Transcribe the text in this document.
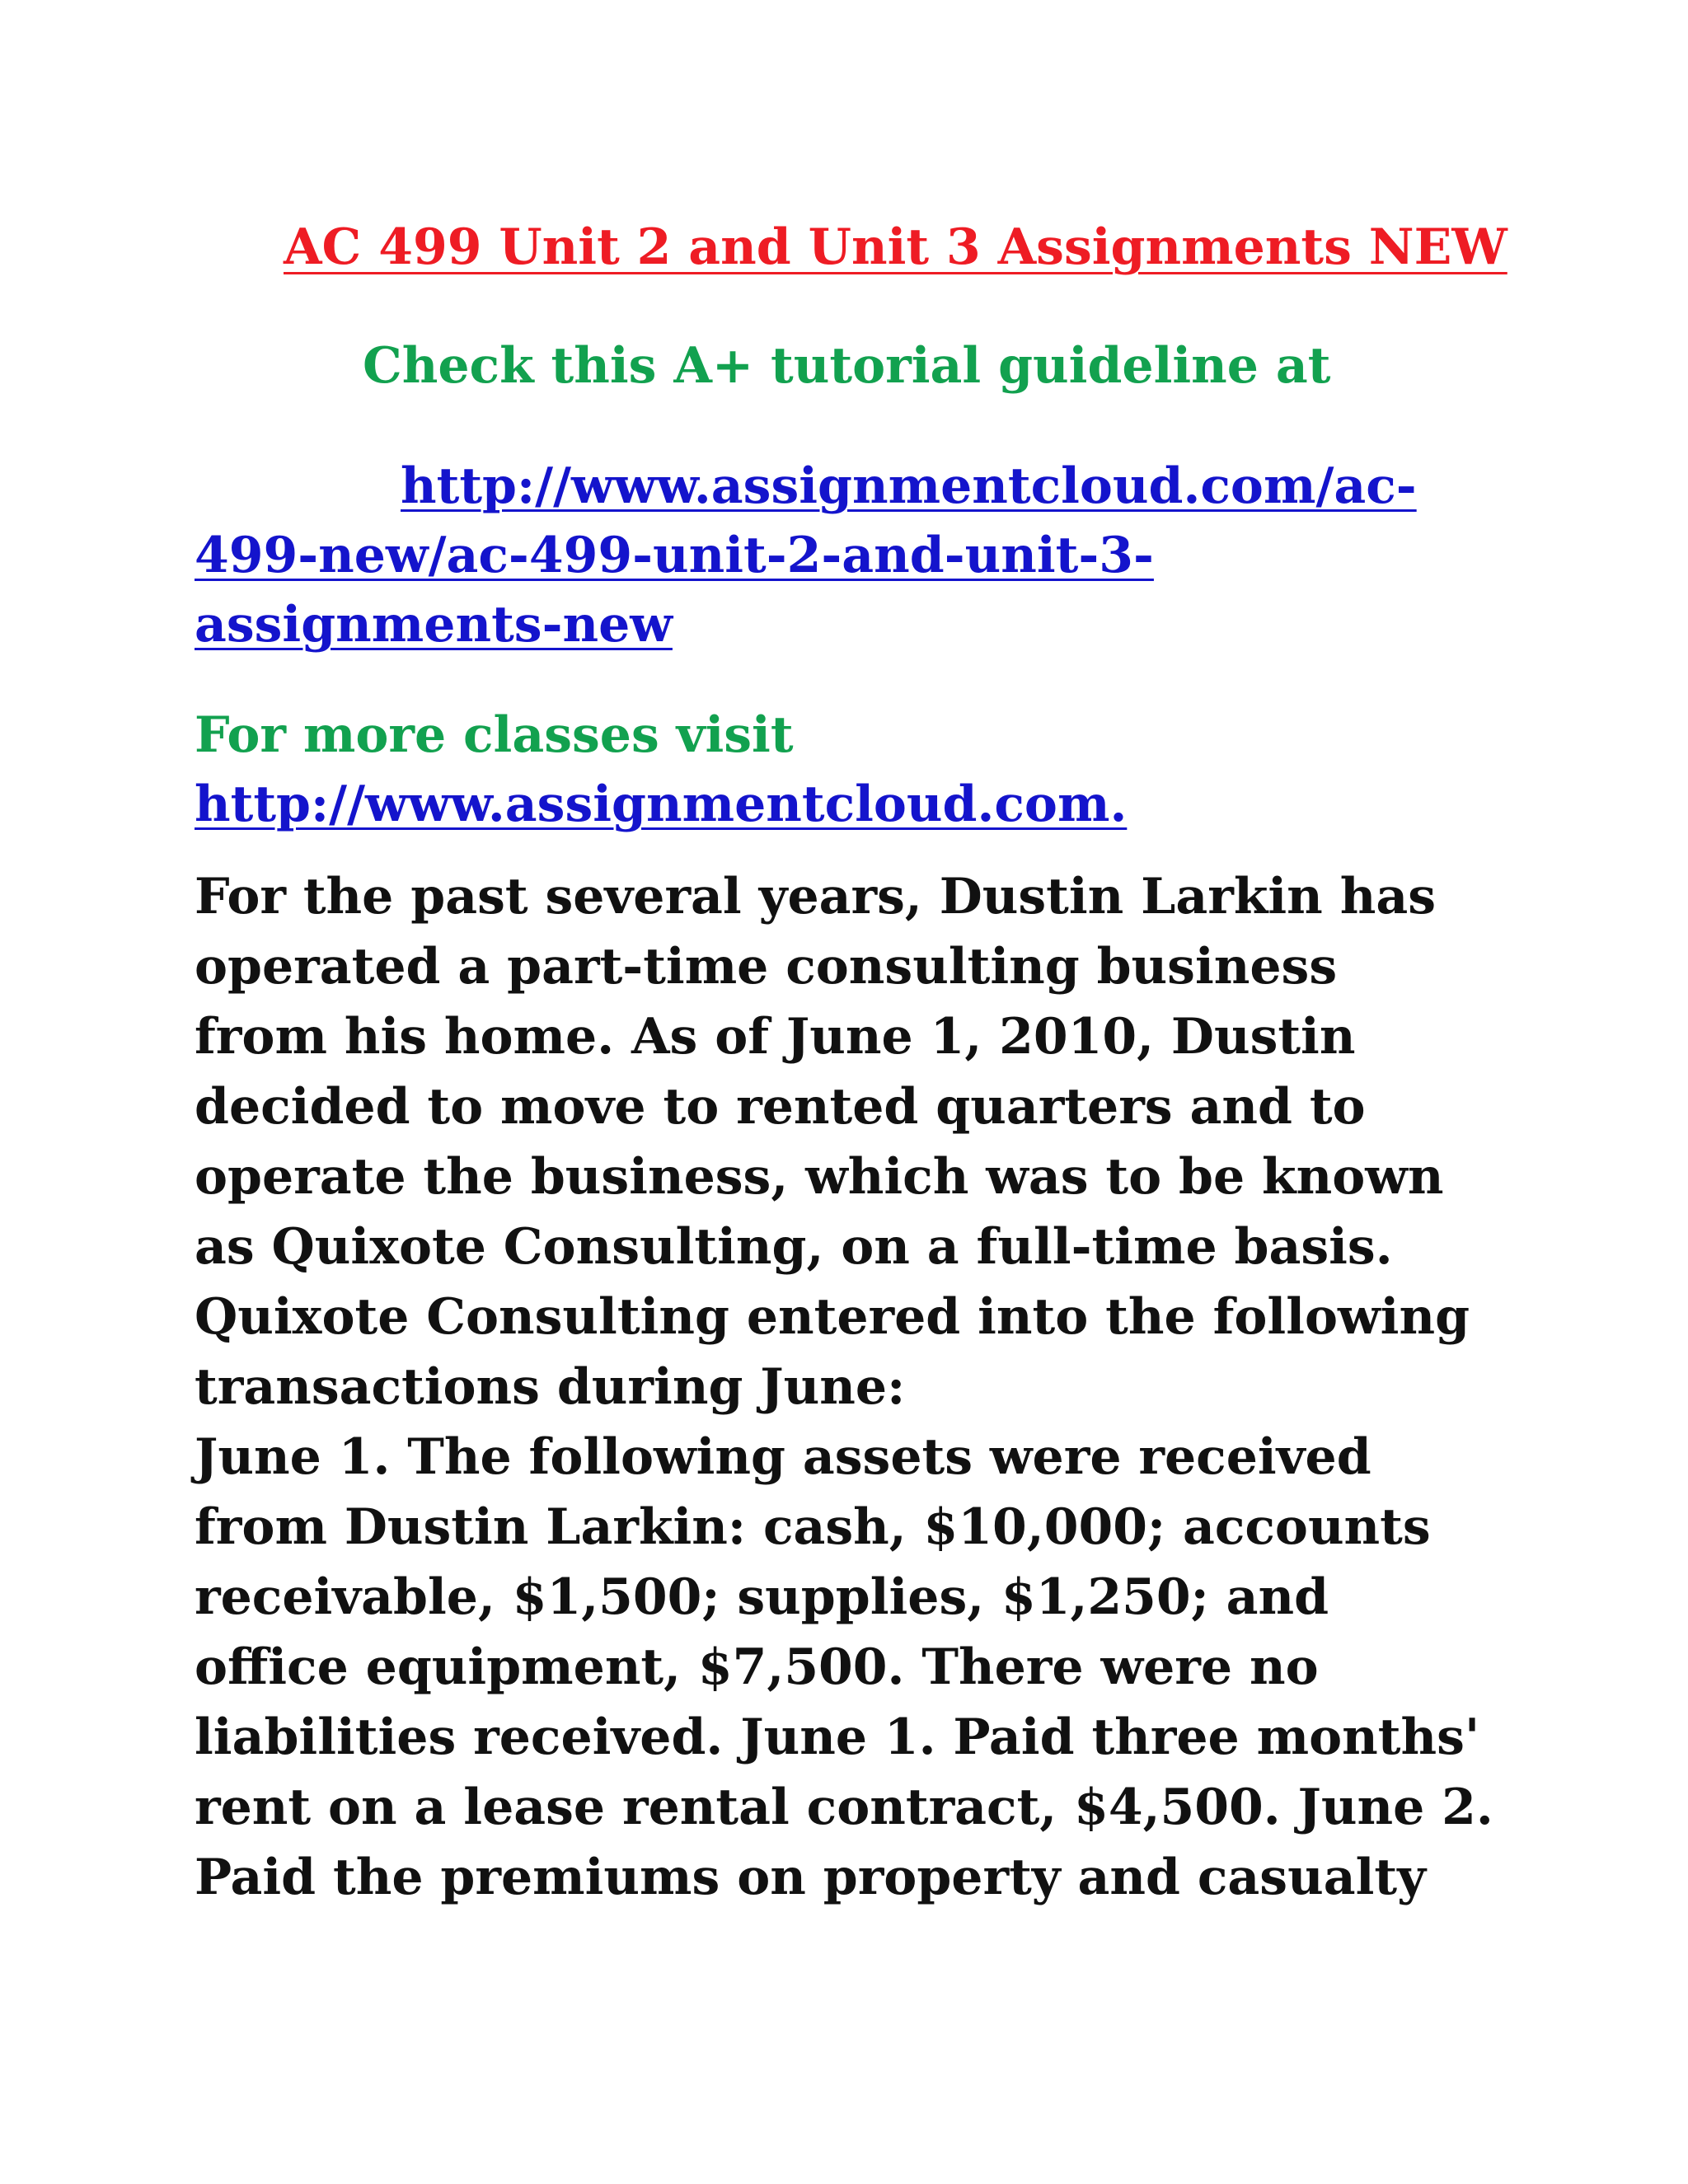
AC 499 Unit 2 and Unit 3 Assignments NEW
Check this A+ tutorial guideline at
http://www.assignmentcloud.com/ac-
499-new/ac-499-unit-2-and-unit-3-
assignments-new
For more classes visit
http://www.assignmentcloud.com.
For the past several years, Dustin Larkin has
operated a part-time consulting business
from his home. As of June 1, 2010, Dustin
decided to move to rented quarters and to
operate the business, which was to be known
as Quixote Consulting, on a full-time basis.
Quixote Consulting entered into the following
transactions during June:
June 1. The following assets were received
from Dustin Larkin: cash, $10,000; accounts
receivable, $1,500; supplies, $1,250; and
office equipment, $7,500. There were no
liabilities received. June 1. Paid three months'
rent on a lease rental contract, $4,500. June 2.
Paid the premiums on property and casualty
